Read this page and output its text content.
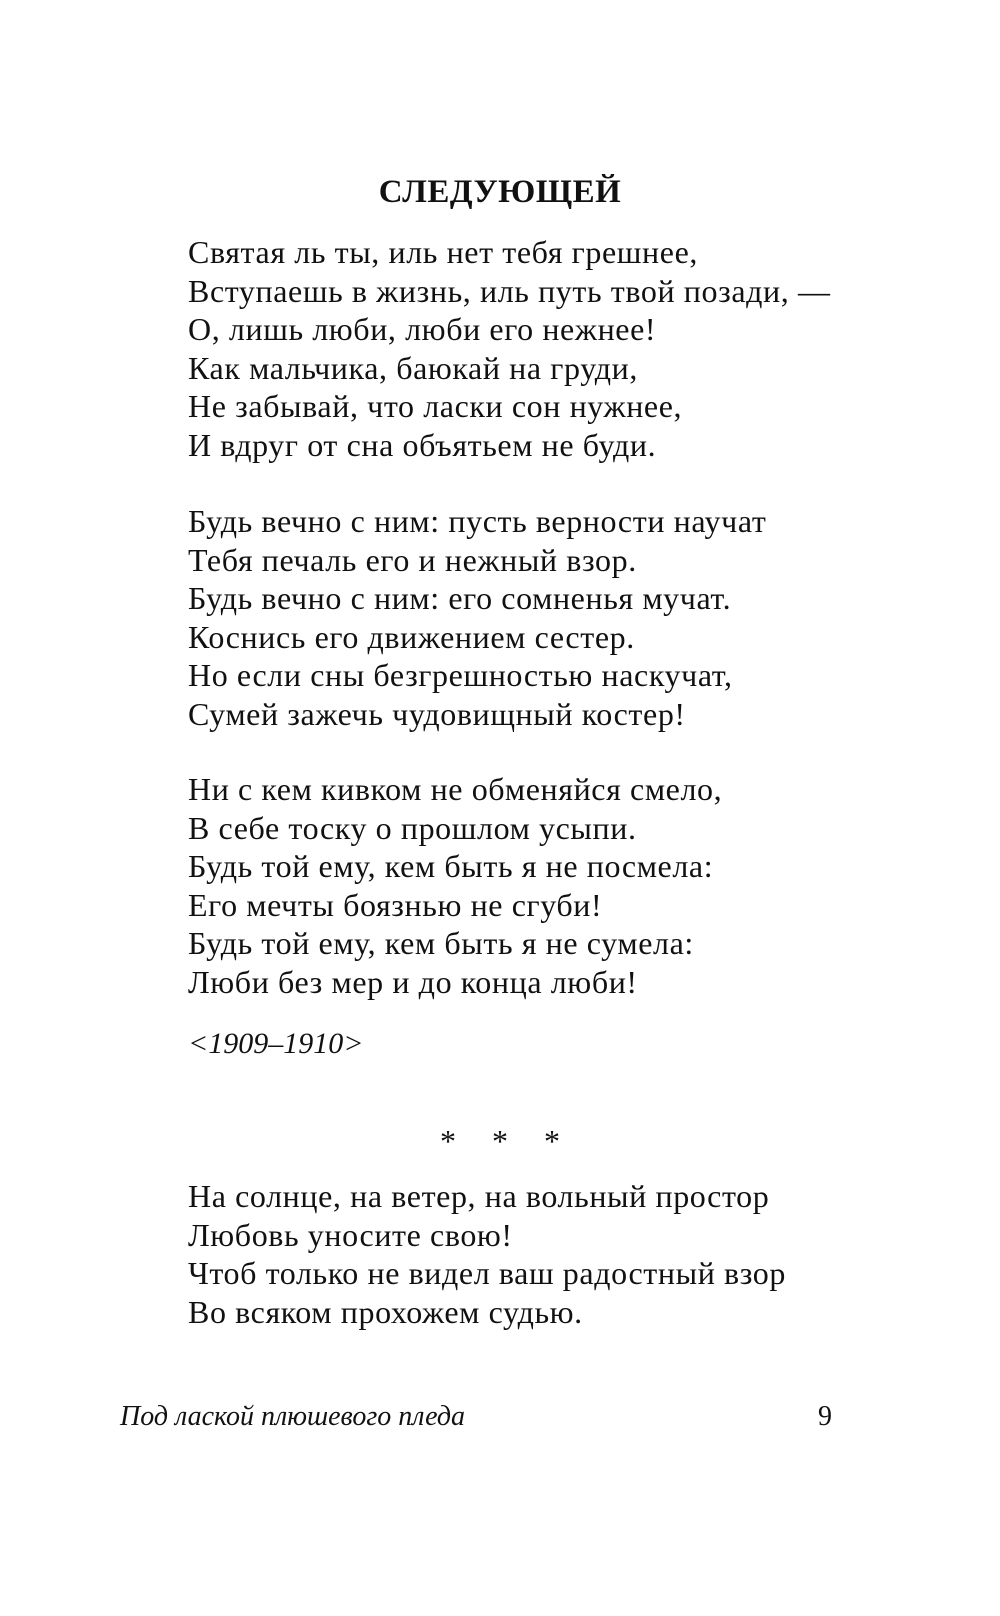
СЛЕДУЮЩЕЙ
Святая ль ты, иль нет тебя грешнее,
Вступаешь в жизнь, иль путь твой позади, —
О, лишь люби, люби его нежнее!
Как мальчика, баюкай на груди,
Не забывай, что ласки сон нужнее,
И вдруг от сна объятьем не буди.
Будь вечно с ним: пусть верности научат
Тебя печаль его и нежный взор.
Будь вечно с ним: его сомненья мучат.
Коснись его движением сестер.
Но если сны безгрешностью наскучат,
Сумей зажечь чудовищный костер!
Ни с кем кивком не обменяйся смело,
В себе тоску о прошлом усыпи.
Будь той ему, кем быть я не посмела:
Его мечты боязнью не сгуби!
Будь той ему, кем быть я не сумела:
Люби без мер и до конца люби!
<1909–1910>
* * *
На солнце, на ветер, на вольный простор
Любовь уносите свою!
Чтоб только не видел ваш радостный взор
Во всяком прохожем судью.
Под лаской плюшевого пледа	9
